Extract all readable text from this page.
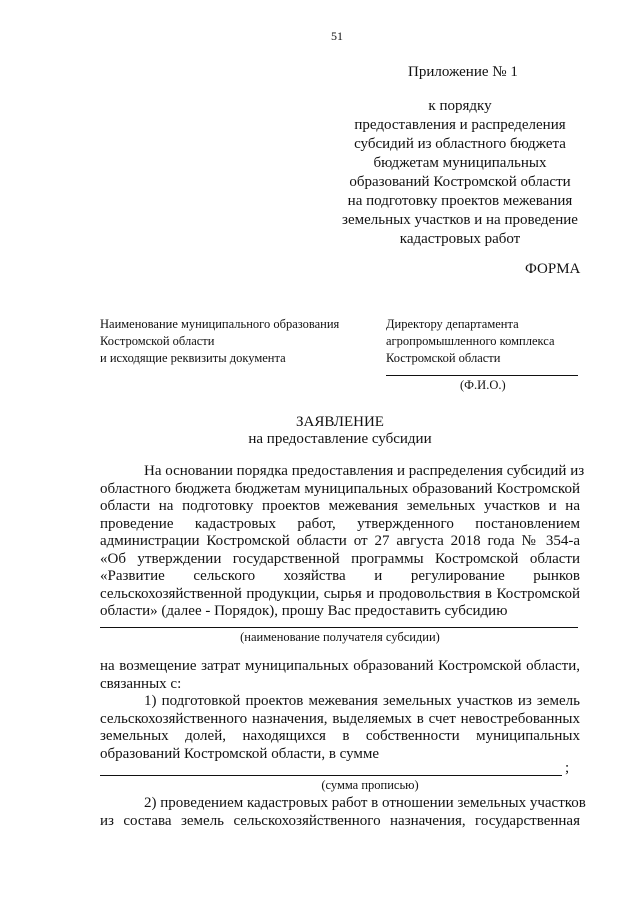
51
Приложение № 1
к порядку
предоставления и распределения
субсидий из областного бюджета
бюджетам муниципальных
образований Костромской области
на подготовку проектов межевания
земельных участков и на проведение
кадастровых работ
ФОРМА
Наименование муниципального образования
Костромской области
и исходящие реквизиты документа
Директору департамента
агропромышленного комплекса
Костромской области
(Ф.И.О.)
ЗАЯВЛЕНИЕ
на предоставление субсидии
На основании порядка предоставления и распределения субсидий из
областного бюджета бюджетам муниципальных образований Костромской
области на подготовку проектов межевания земельных участков и на
проведение кадастровых работ, утвержденного постановлением
администрации Костромской области от 27 августа 2018 года № 354-а
«Об утверждении государственной программы Костромской области
«Развитие сельского хозяйства и регулирование рынков
сельскохозяйственной продукции, сырья и продовольствия в Костромской
области» (далее - Порядок), прошу Вас предоставить субсидию
(наименование получателя субсидии)
на возмещение затрат муниципальных образований Костромской области,
связанных с:
1) подготовкой проектов межевания земельных участков из земель
сельскохозяйственного назначения, выделяемых в счет невостребованных
земельных долей, находящихся в собственности муниципальных
образований Костромской области, в сумме
;
(сумма прописью)
2) проведением кадастровых работ в отношении земельных участков
из состава земель сельскохозяйственного назначения, государственная
